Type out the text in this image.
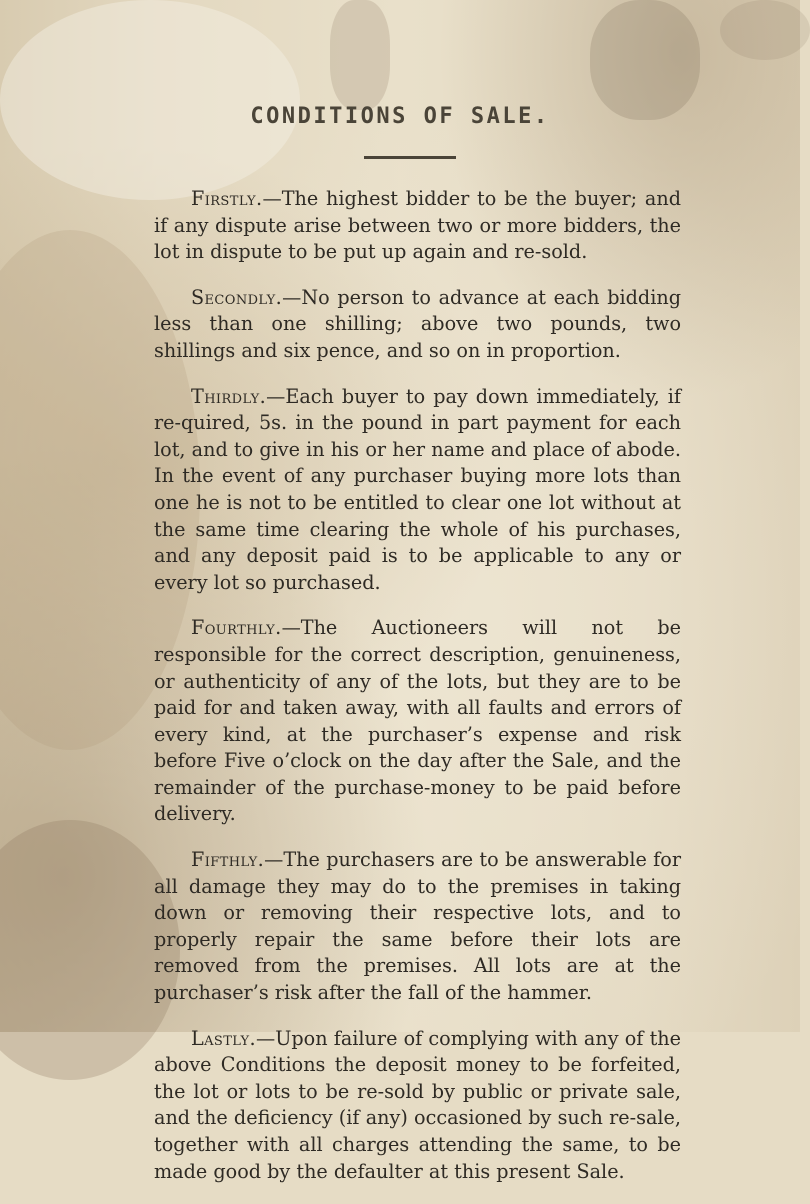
CONDITIONS OF SALE.

Firstly.—The highest bidder to be the buyer; and if any dispute arise between two or more bidders, the lot in dispute to be put up again and re-sold.

Secondly.—No person to advance at each bidding less than one shilling; above two pounds, two shillings and six pence, and so on in proportion.

Thirdly.—Each buyer to pay down immediately, if re-quired, 5s. in the pound in part payment for each lot, and to give in his or her name and place of abode. In the event of any purchaser buying more lots than one he is not to be entitled to clear one lot without at the same time clearing the whole of his purchases, and any deposit paid is to be applicable to any or every lot so purchased.

Fourthly.—The Auctioneers will not be responsible for the correct description, genuineness, or authenticity of any of the lots, but they are to be paid for and taken away, with all faults and errors of every kind, at the purchaser’s expense and risk before Five o’clock on the day after the Sale, and the remainder of the purchase-money to be paid before delivery.

Fifthly.—The purchasers are to be answerable for all damage they may do to the premises in taking down or removing their respective lots, and to properly repair the same before their lots are removed from the premises. All lots are at the purchaser’s risk after the fall of the hammer.

Lastly.—Upon failure of complying with any of the above Conditions the deposit money to be forfeited, the lot or lots to be re-sold by public or private sale, and the deficiency (if any) occasioned by such re-sale, together with all charges attending the same, to be made good by the defaulter at this present Sale.
